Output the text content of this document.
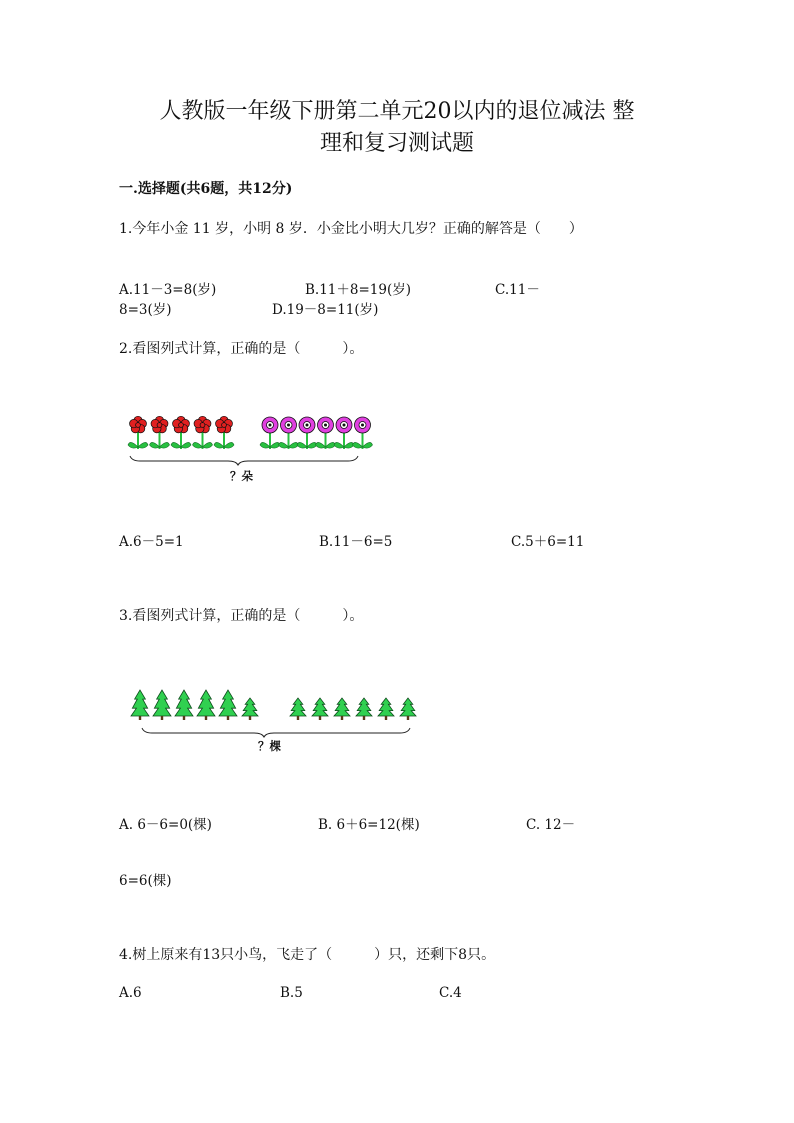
人教版一年级下册第二单元20以内的退位减法 整
理和复习测试题
一.选择题(共6题，共12分)
1.今年小金 11 岁，小明 8 岁．小金比小明大几岁？正确的解答是（　　）
A.11－3=8(岁)	B.11＋8=19(岁)	C.11－
8=3(岁)	D.19－8=11(岁)
2.看图列式计算，正确的是（　　　）。
？朵
A.6－5=1	B.11－6=5	C.5＋6=11
3.看图列式计算，正确的是（　　　）。
？棵
A. 6－6=0(棵)	B. 6＋6=12(棵)	C. 12－
6=6(棵)
4.树上原来有13只小鸟，飞走了（　　　）只，还剩下8只。
A.6	B.5	C.4
